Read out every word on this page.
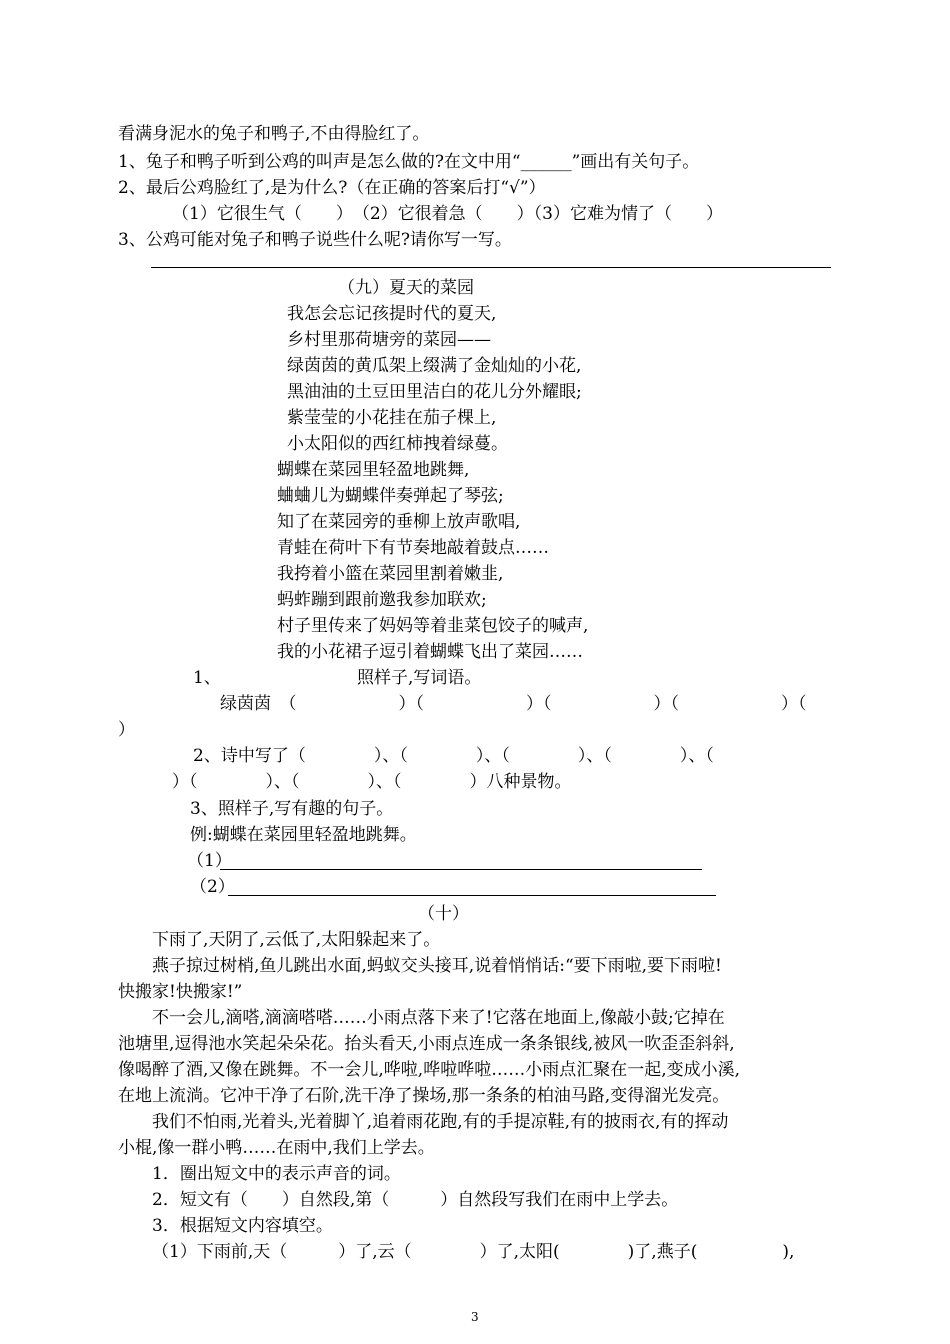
看满身泥水的兔子和鸭子,不由得脸红了。
1、兔子和鸭子听到公鸡的叫声是怎么做的?在文中用“______”画出有关句子。
2、最后公鸡脸红了,是为什么?（在正确的答案后打“√”）
（1）它很生气（　　）　（2）它很着急（　　）（3）它难为情了（　　）
3、公鸡可能对兔子和鸭子说些什么呢?请你写一写。
（九）夏天的菜园
我怎会忘记孩提时代的夏天,
乡村里那荷塘旁的菜园——
绿茵茵的黄瓜架上缀满了金灿灿的小花,
黑油油的土豆田里洁白的花儿分外耀眼;
紫莹莹的小花挂在茄子棵上,
小太阳似的西红柿拽着绿蔓。
蝴蝶在菜园里轻盈地跳舞,
蛐蛐儿为蝴蝶伴奏弹起了琴弦;
知了在菜园旁的垂柳上放声歌唱,
青蛙在荷叶下有节奏地敲着鼓点……
我挎着小篮在菜园里割着嫩韭,
蚂蚱蹦到跟前邀我参加联欢;
村子里传来了妈妈等着韭菜包饺子的喊声,
我的小花裙子逗引着蝴蝶飞出了菜园……
1、	照样子,写词语。
绿茵茵　（　　　　　　）（　　　　　　）（　　　　　　）（　　　　　　）（
）
2、诗中写了（　　　　）、（　　　　）、（　　　　）、（　　　　）、（
）（　　　　）、（　　　　）、（　　　　）八种景物。
3、照样子,写有趣的句子。
例:蝴蝶在菜园里轻盈地跳舞。
（1）
（2）
（十）
下雨了,天阴了,云低了,太阳躲起来了。
燕子掠过树梢,鱼儿跳出水面,蚂蚁交头接耳,说着悄悄话:“要下雨啦,要下雨啦!
快搬家!快搬家!”
不一会儿,滴嗒,滴滴嗒嗒……小雨点落下来了!它落在地面上,像敲小鼓;它掉在
池塘里,逗得池水笑起朵朵花。抬头看天,小雨点连成一条条银线,被风一吹歪歪斜斜,
像喝醉了酒,又像在跳舞。不一会儿,哗啦,哗啦哗啦……小雨点汇聚在一起,变成小溪,
在地上流淌。它冲干净了石阶,洗干净了操场,那一条条的柏油马路,变得溜光发亮。
我们不怕雨,光着头,光着脚丫,追着雨花跑,有的手提凉鞋,有的披雨衣,有的挥动
小棍,像一群小鸭……在雨中,我们上学去。
1．圈出短文中的表示声音的词。
2．短文有（　　）自然段,第（　　　）自然段写我们在雨中上学去。
3．根据短文内容填空。
（1）下雨前,天（　　　）了,云（　　　　）了,太阳(　　　　)了,燕子(　　　　　),
3
